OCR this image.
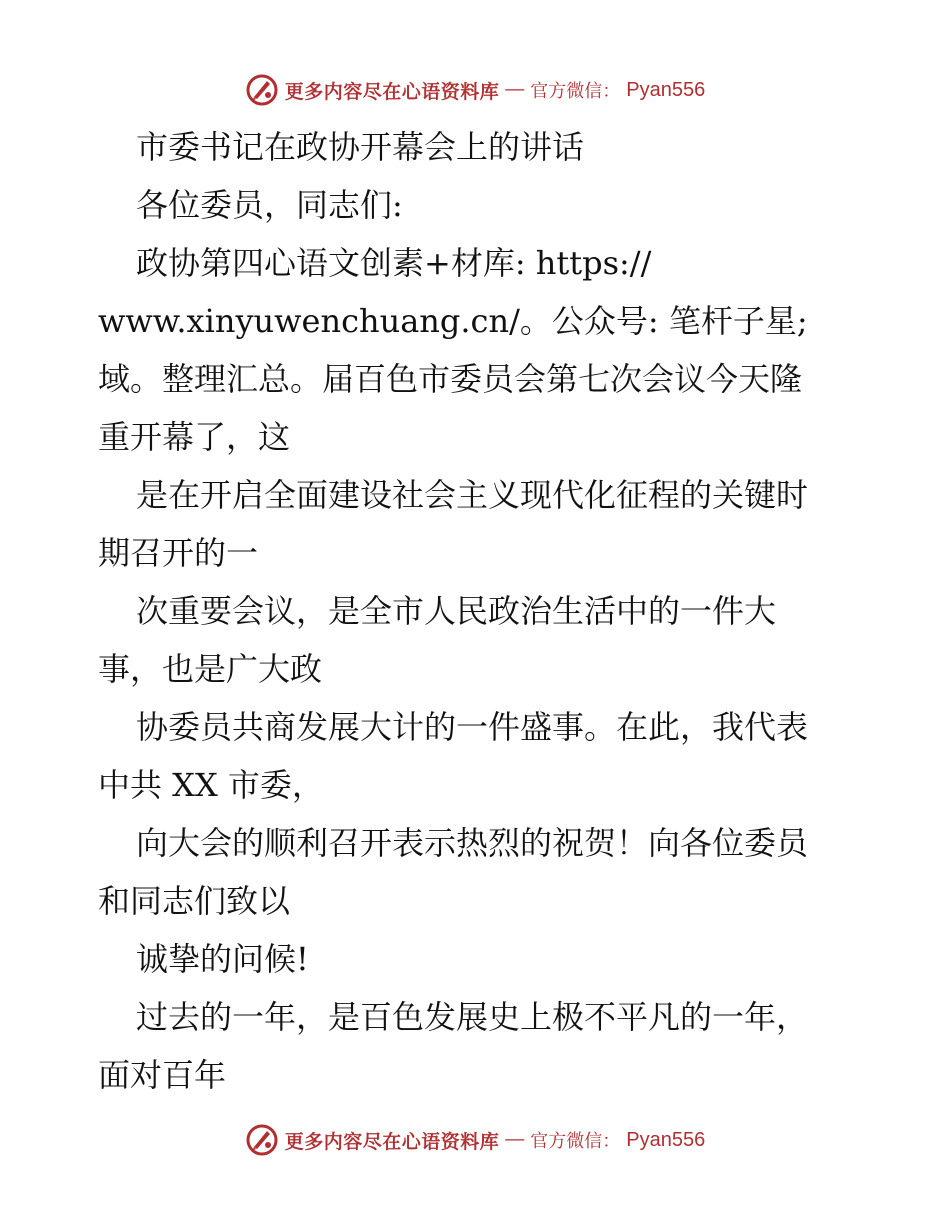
更多内容尽在心语资料库 — 官方微信： Pyan556
市委书记在政协开幕会上的讲话
各位委员，同志们:
政协第四心语文创素+材库: https://
www.xinyuwenchuang.cn/。公众号: 笔杆子星;
域。整理汇总。届百色市委员会第七次会议今天隆
重开幕了，这
是在开启全面建设社会主义现代化征程的关键时
期召开的一
次重要会议，是全市人民政治生活中的一件大
事，也是广大政
协委员共商发展大计的一件盛事。在此，我代表
中共 XX 市委，
向大会的顺利召开表示热烈的祝贺！向各位委员
和同志们致以
诚挚的问候!
过去的一年，是百色发展史上极不平凡的一年，
面对百年
更多内容尽在心语资料库 — 官方微信： Pyan556
